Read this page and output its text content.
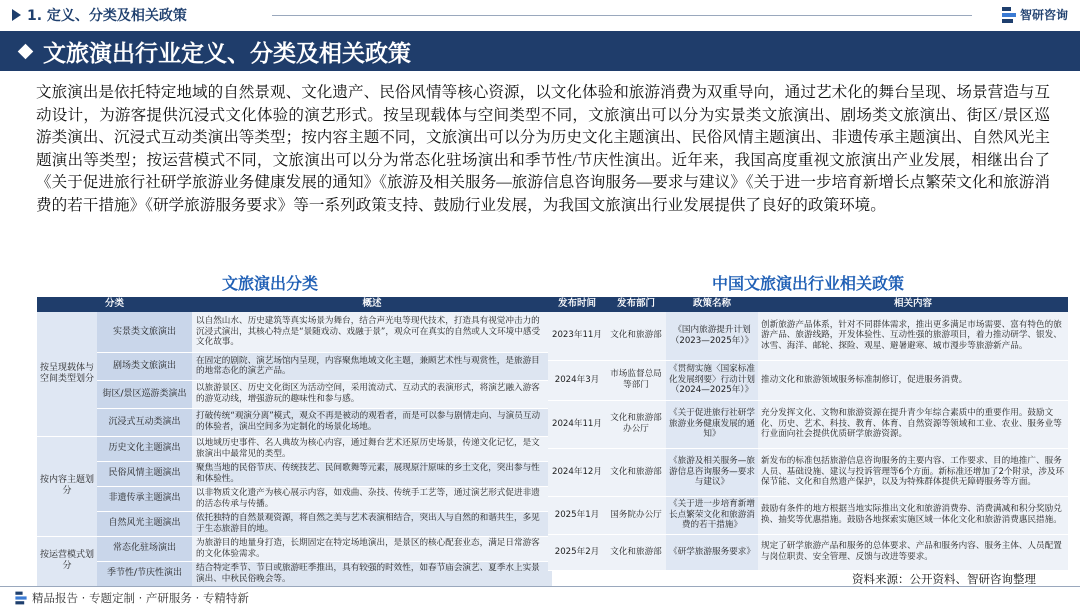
1. 定义、分类及相关政策	智研咨询
文旅演出行业定义、分类及相关政策
文旅演出是依托特定地域的自然景观、文化遗产、民俗风情等核心资源，以文化体验和旅游消费为双重导向，通过艺术化的舞台呈现、场景营造与互动设计，为游客提供沉浸式文化体验的演艺形式。按呈现载体与空间类型不同，文旅演出可以分为实景类文旅演出、剧场类文旅演出、街区/景区巡游类演出、沉浸式互动类演出等类型；按内容主题不同，文旅演出可以分为历史文化主题演出、民俗风情主题演出、非遗传承主题演出、自然风光主题演出等类型；按运营模式不同，文旅演出可以分为常态化驻场演出和季节性/节庆性演出。近年来，我国高度重视文旅演出产业发展，相继出台了《关于促进旅行社研学旅游业务健康发展的通知》《旅游及相关服务—旅游信息咨询服务—要求与建议》《关于进一步培育新增长点繁荣文化和旅游消费的若干措施》《研学旅游服务要求》等一系列政策支持、鼓励行业发展，为我国文旅演出行业发展提供了良好的政策环境。
文旅演出分类	中国文旅演出行业相关政策
分类		概述
按呈现载体与空间类型划分	实景类文旅演出	以自然山水、历史建筑等真实场景为舞台，结合声光电等现代技术，打造具有视觉冲击力的沉浸式演出，其核心特点是“景随戏动、戏融于景”，观众可在真实的自然或人文环境中感受文化故事。
	剧场类文旅演出	在固定的剧院、演艺场馆内呈现，内容聚焦地域文化主题，兼顾艺术性与观赏性，是旅游目的地常态化的演艺产品。
	街区/景区巡游类演出	以旅游景区、历史文化街区为活动空间，采用流动式、互动式的表演形式，将演艺融入游客的游览动线，增强游玩的趣味性和参与感。
	沉浸式互动类演出	打破传统“观演分离”模式，观众不再是被动的观看者，而是可以参与剧情走向、与演员互动的体验者，演出空间多为定制化的场景化场地。
按内容主题划分	历史文化主题演出	以地域历史事件、名人典故为核心内容，通过舞台艺术还原历史场景，传递文化记忆，是文旅演出中最常见的类型。
	民俗风情主题演出	聚焦当地的民俗节庆、传统技艺、民间歌舞等元素，展现原汁原味的乡土文化，突出参与性和体验性。
	非遗传承主题演出	以非物质文化遗产为核心展示内容，如戏曲、杂技、传统手工艺等，通过演艺形式促进非遗的活态传承与传播。
	自然风光主题演出	依托独特的自然景观资源，将自然之美与艺术表演相结合，突出人与自然的和谐共生，多见于生态旅游目的地。
按运营模式划分	常态化驻场演出	为旅游目的地量身打造，长期固定在特定场地演出，是景区的核心配套业态，满足日常游客的文化体验需求。
	季节性/节庆性演出	结合特定季节、节日或旅游旺季推出，具有较强的时效性，如春节庙会演艺、夏季水上实景演出、中秋民俗晚会等。
发布时间	发布部门	政策名称	相关内容
2023年11月	文化和旅游部	《国内旅游提升计划（2023—2025年）》	创新旅游产品体系，针对不同群体需求，推出更多满足市场需要、富有特色的旅游产品、旅游线路，开发体验性、互动性强的旅游项目，着力推动研学、银发、冰雪、海洋、邮轮、探险、观星、避暑避寒、城市漫步等旅游新产品。
2024年3月	市场监督总局等部门	《贯彻实施〈国家标准化发展纲要〉行动计划（2024—2025年）》	推动文化和旅游领域服务标准制修订，促进服务消费。
2024年11月	文化和旅游部办公厅	《关于促进旅行社研学旅游业务健康发展的通知》	充分发挥文化、文物和旅游资源在提升青少年综合素质中的重要作用。鼓励文化、历史、艺术、科技、教育、体育、自然资源等领域和工业、农业、服务业等行业面向社会提供优质研学旅游资源。
2024年12月	文化和旅游部	《旅游及相关服务—旅游信息咨询服务—要求与建议》	新发布的标准包括旅游信息咨询服务的主要内容、工作要求、目的地推广、服务人员、基础设施、建议与投诉管理等6个方面。新标准还增加了2个附录，涉及环保节能、文化和自然遗产保护，以及为特殊群体提供无障碍服务等方面。
2025年1月	国务院办公厅	《关于进一步培育新增长点繁荣文化和旅游消费的若干措施》	鼓励有条件的地方根据当地实际推出文化和旅游消费券、消费满减和积分奖励兑换、抽奖等优惠措施。鼓励各地探索实施区域一体化文化和旅游消费惠民措施。
2025年2月	文化和旅游部	《研学旅游服务要求》	规定了研学旅游产品和服务的总体要求、产品和服务内容、服务主体、人员配置与岗位职责、安全管理、反馈与改进等要求。
资料来源：公开资料、智研咨询整理
精品报告 · 专题定制 · 产研服务 · 专精特新
